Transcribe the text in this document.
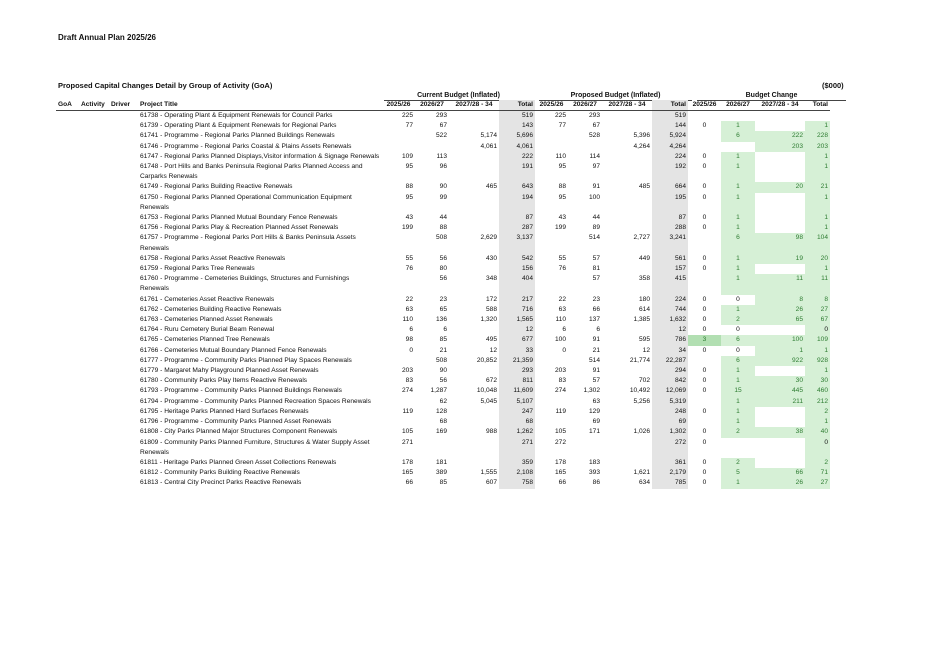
Draft Annual Plan 2025/26
Proposed Capital Changes Detail by Group of Activity (GoA)	($000)
Current Budget (Inflated)	Proposed Budget (Inflated)	Budget Change
GoA	Activity	Driver	Project Title	2025/26	2026/27	2027/28 - 34	Total	2025/26	2026/27	2027/28 - 34	Total	2025/26	2026/27	2027/28 - 34	Total
			61738 - Operating Plant & Equipment Renewals for Council Parks	225	293		519	225	293		519				
			61739 - Operating Plant & Equipment Renewals for Regional Parks	77	67		143	77	67		144	0	1		1

			61741 - Programme - Regional Parks Planned Buildings Renewals		522	5,174	5,696		528	5,396	5,924		6	222	228
			61746 - Programme - Regional Parks Coastal & Plains Assets Renewals			4,061	4,061			4,264	4,264			203	203

			61747 - Regional Parks Planned Displays,Visitor information & Signage Renewals	109	113		222	110	114		224	0	1		1
			61748 - Port Hills and Banks Peninsula Regional Parks Planned Access and Carparks Renewals	95	96		191	95	97		192	0	1		1
			61749 - Regional Parks Building Reactive Renewals	88	90	465	643	88	91	485	664	0	1	20	21
			61750 - Regional Parks Planned Operational Communication Equipment Renewals	95	99		194	95	100		195	0	1		1
			61753 - Regional Parks Planned Mutual Boundary Fence Renewals	43	44		87	43	44		87	0	1		1

			61756 - Regional Parks Play & Recreation Planned Asset Renewals	199	88		287	199	89		288	0	1		1

			61757 - Programme - Regional Parks Port Hills & Banks Peninsula Assets Renewals		508	2,629	3,137		514	2,727	3,241		6	98	104
			61758 - Regional Parks Asset Reactive Renewals	55	56	430	542	55	57	449	561	0	1	19	20
			61759 - Regional Parks Tree Renewals	76	80		156	76	81		157	0	1		1
			61760 - Programme - Cemeteries Buildings, Structures and Furnishings Renewals		56	348	404		57	358	415		1	11	11
			61761 - Cemeteries Asset Reactive Renewals	22	23	172	217	22	23	180	224	0	0	8	8
			61762 - Cemeteries Building Reactive Renewals	63	65	588	716	63	66	614	744	0	1	26	27
			61763 - Cemeteries Planned Asset Renewals	110	136	1,320	1,565	110	137	1,385	1,632	0	2	65	67
			61764 - Ruru Cemetery Burial Beam Renewal	6	6		12	6	6		12	0	0		0
			61765 - Cemeteries Planned Tree Renewals	98	85	495	677	100	91	595	786	3	6	100	109
			61766 - Cemeteries Mutual Boundary Planned Fence Renewals	0	21	12	33	0	21	12	34	0	0	1	1
			61777 - Programme - Community Parks Planned Play Spaces Renewals		508	20,852	21,359		514	21,774	22,287		6	922	928

			61779 - Margaret Mahy Playground Planned Asset Renewals	203	90		293	203	91		294	0	1		1
			61780 - Community Parks Play Items Reactive Renewals	83	56	672	811	83	57	702	842	0	1	30	30
			61793 - Programme - Community Parks Planned Buildings Renewals	274	1,287	10,048	11,609	274	1,302	10,492	12,069	0	15	445	460

			61794 - Programme - Community Parks Planned Recreation Spaces Renewals		62	5,045	5,107		63	5,256	5,319		1	211	212
			61795 - Heritage Parks Planned Hard Surfaces Renewals	119	128		247	119	129		248	0	1		2
			61796 - Programme - Community Parks Planned Asset Renewals		68		68		69		69		1		1
			61808 - City Parks Planned Major Structures Component Renewals	105	169	988	1,262	105	171	1,026	1,302	0	2	38	40

			61809 - Community Parks Planned Furniture, Structures & Water Supply Asset Renewals	271			271	272			272	0			0
			61811 - Heritage Parks Planned Green Asset Collections Renewals	178	181		359	178	183		361	0	2		2

			61812 - Community Parks Building Reactive Renewals	165	389	1,555	2,108	165	393	1,621	2,179	0	5	66	71
			61813 - Central City Precinct Parks Reactive Renewals	66	85	607	758	66	86	634	785	0	1	26	27
